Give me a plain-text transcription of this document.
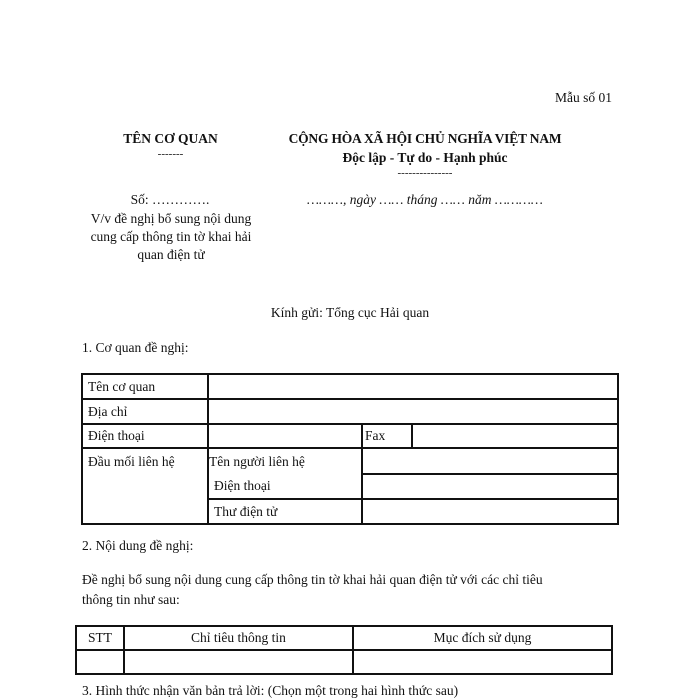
Mẫu số 01
TÊN CƠ QUAN
-------
CỘNG HÒA XÃ HỘI CHỦ NGHĨA VIỆT NAM
Độc lập - Tự do - Hạnh phúc
---------------
Số: ………….	………, ngày …… tháng …… năm …………
V/v đề nghị bổ sung nội dung
cung cấp thông tin tờ khai hải
quan điện tử
Kính gửi: Tổng cục Hải quan
1. Cơ quan đề nghị:
Tên cơ quan			
Địa chỉ			
Điện thoại		Fax	
Đầu mối liên hệ	Tên người liên hệ		
	Điện thoại		
	Thư điện tử		
2. Nội dung đề nghị:
Đề nghị bổ sung nội dung cung cấp thông tin tờ khai hải quan điện tử với các chỉ tiêu
thông tin như sau:
STT	Chỉ tiêu thông tin	Mục đích sử dụng

3. Hình thức nhận văn bản trả lời: (Chọn một trong hai hình thức sau)
